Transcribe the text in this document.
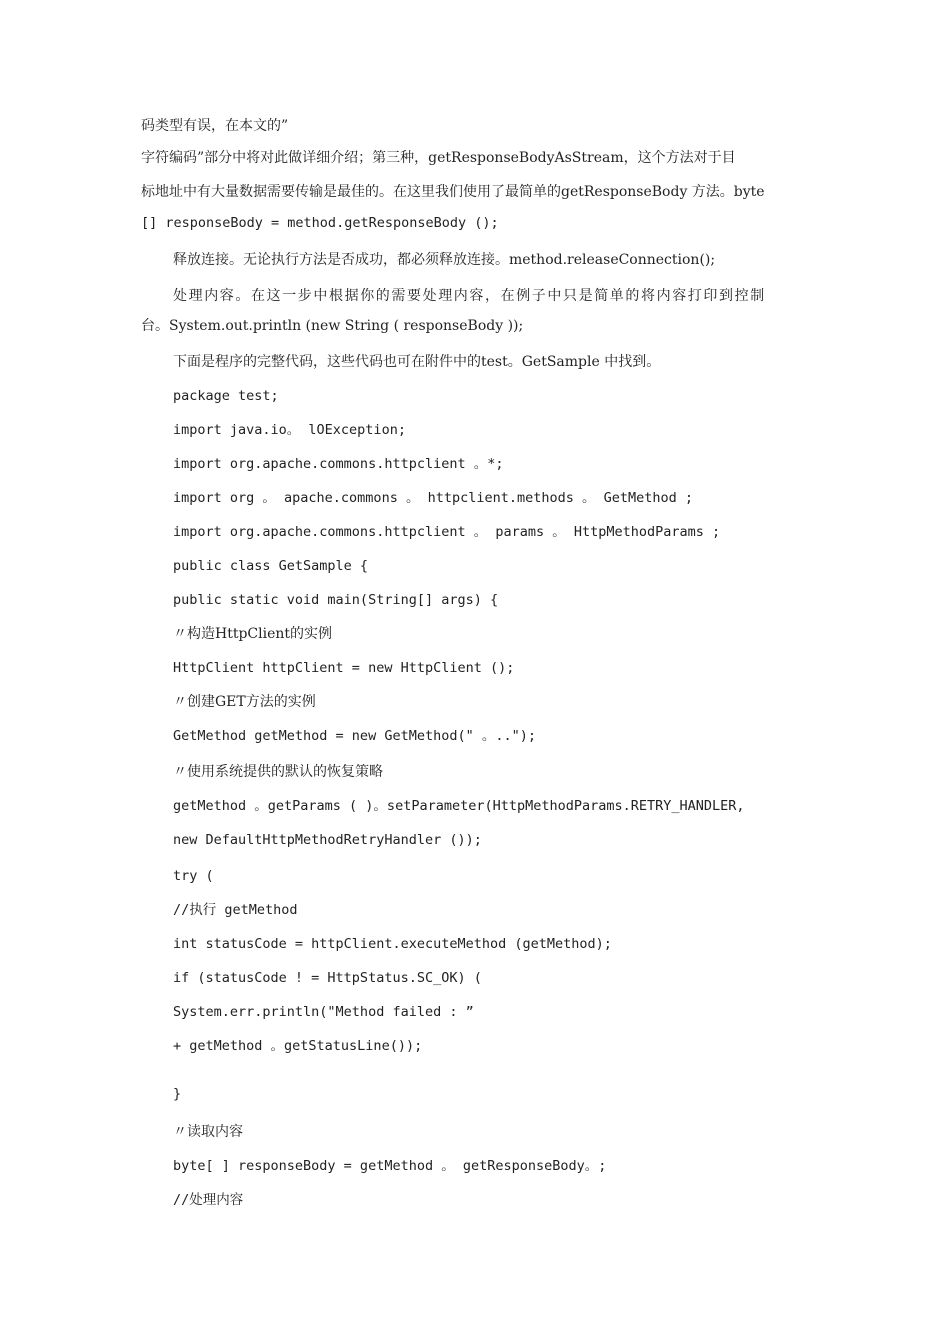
码类型有误，在本文的”

字符编码”部分中将对此做详细介绍；第三种，getResponseBodyAsStream，这个方法对于目

标地址中有大量数据需要传输是最佳的。在这里我们使用了最简单的getResponseBody 方法。byte

[] responseBody = method.getResponseBody ();

释放连接。无论执行方法是否成功，都必须释放连接。method.releaseConnection();

处理内容。在这一步中根据你的需要处理内容，在例子中只是简单的将内容打印到控制

台。System.out.println (new String ( responseBody ));

下面是程序的完整代码，这些代码也可在附件中的test。GetSample 中找到。

package test;

import java.io。 lOException;

import org.apache.commons.httpclient 。*;

import org 。 apache.commons 。 httpclient.methods 。 GetMethod ;

import org.apache.commons.httpclient 。 params 。 HttpMethodParams ;

public class GetSample {

public static void main(String[] args) {

〃构造HttpClient的实例

HttpClient httpClient = new HttpClient ();

〃创建GET方法的实例

GetMethod getMethod = new GetMethod(" 。..");

〃使用系统提供的默认的恢复策略

getMethod 。getParams ( )。setParameter(HttpMethodParams.RETRY_HANDLER,

new DefaultHttpMethodRetryHandler ());

try (

//执行 getMethod

int statusCode = httpClient.executeMethod (getMethod);

if (statusCode ! = HttpStatus.SC_OK) (

System.err.println("Method failed : ”

+ getMethod 。getStatusLine());

}

〃读取内容

byte[ ] responseBody = getMethod 。 getResponseBody。;

//处理内容
